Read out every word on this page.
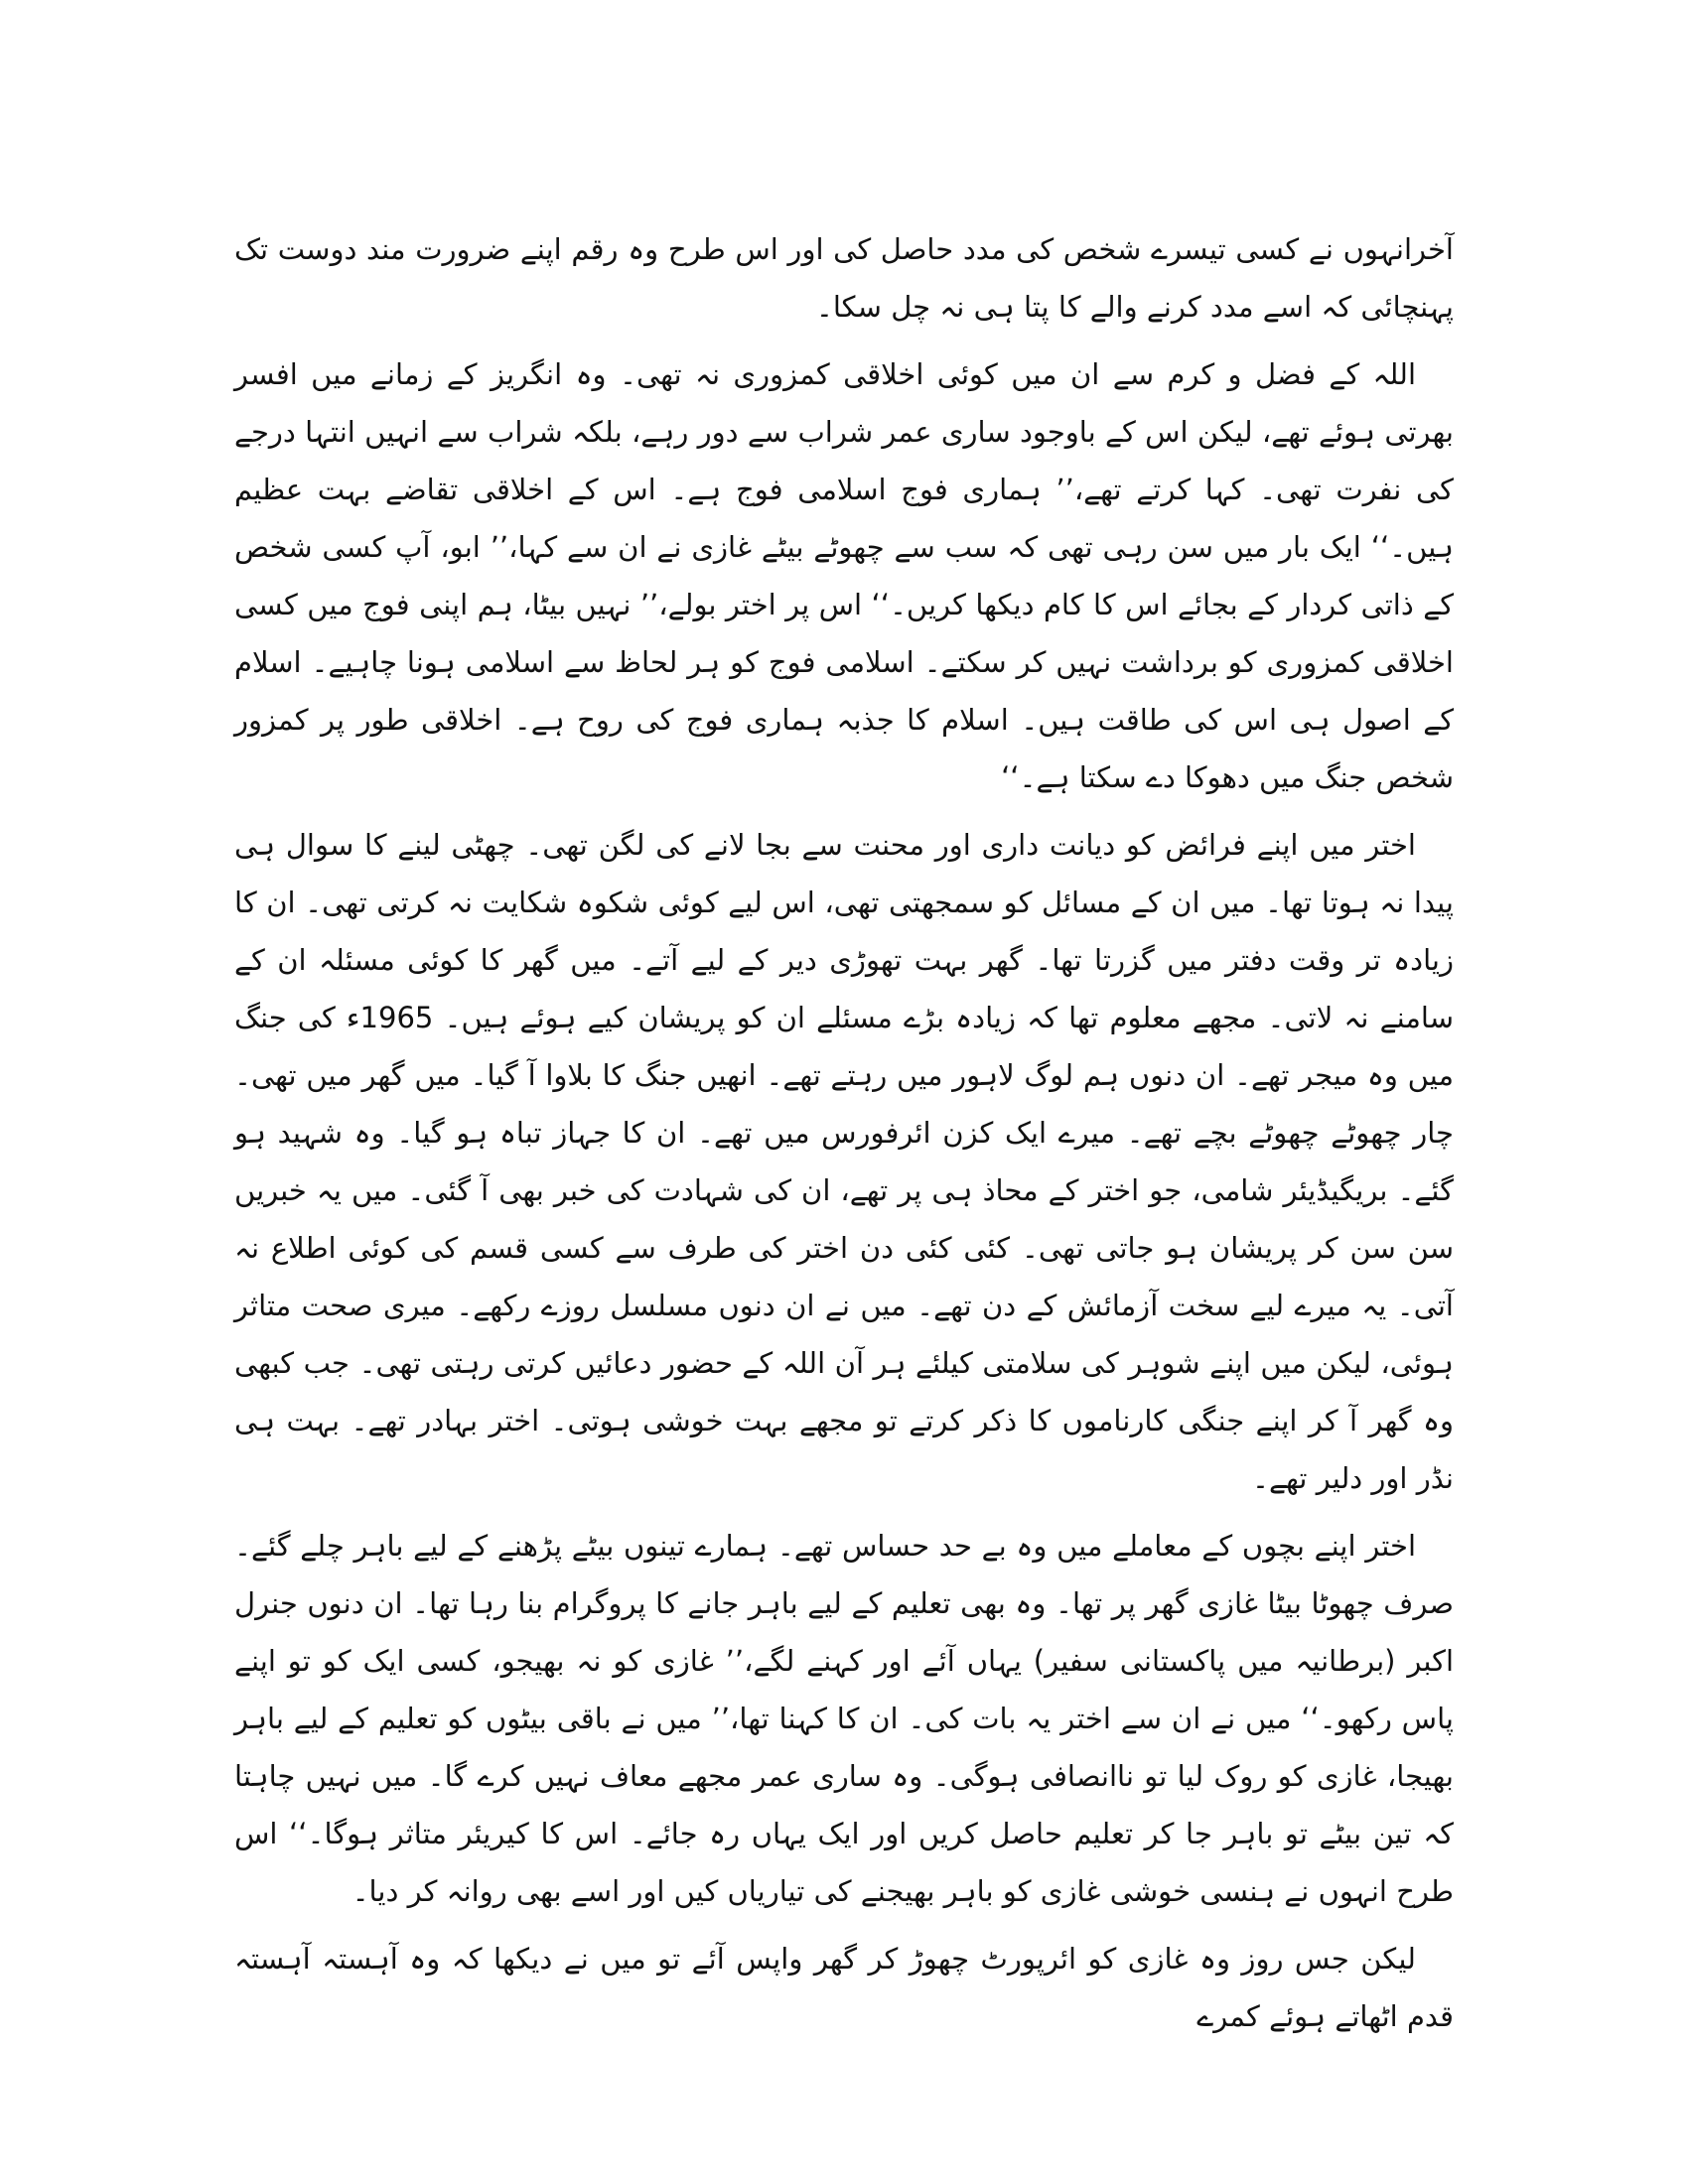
آخرانہوں نے کسی تیسرے شخص کی مدد حاصل کی اور اس طرح وہ رقم اپنے ضرورت مند دوست تک پہنچائی کہ اسے مدد کرنے والے کا پتا ہی نہ چل سکا۔

اللہ کے فضل و کرم سے ان میں کوئی اخلاقی کمزوری نہ تھی۔ وہ انگریز کے زمانے میں افسر بھرتی ہوئے تھے، لیکن اس کے باوجود ساری عمر شراب سے دور رہے، بلکہ شراب سے انہیں انتہا درجے کی نفرت تھی۔ کہا کرتے تھے،’’ ہماری فوج اسلامی فوج ہے۔ اس کے اخلاقی تقاضے بہت عظیم ہیں۔‘‘ ایک بار میں سن رہی تھی کہ سب سے چھوٹے بیٹے غازی نے ان سے کہا،’’ ابو، آپ کسی شخص کے ذاتی کردار کے بجائے اس کا کام دیکھا کریں۔‘‘ اس پر اختر بولے،’’ نہیں بیٹا، ہم اپنی فوج میں کسی اخلاقی کمزوری کو برداشت نہیں کر سکتے۔ اسلامی فوج کو ہر لحاظ سے اسلامی ہونا چاہیے۔ اسلام کے اصول ہی اس کی طاقت ہیں۔ اسلام کا جذبہ ہماری فوج کی روح ہے۔ اخلاقی طور پر کمزور شخص جنگ میں دھوکا دے سکتا ہے۔‘‘

اختر میں اپنے فرائض کو دیانت داری اور محنت سے بجا لانے کی لگن تھی۔ چھٹی لینے کا سوال ہی پیدا نہ ہوتا تھا۔ میں ان کے مسائل کو سمجھتی تھی، اس لیے کوئی شکوہ شکایت نہ کرتی تھی۔ ان کا زیادہ تر وقت دفتر میں گزرتا تھا۔ گھر بہت تھوڑی دیر کے لیے آتے۔ میں گھر کا کوئی مسئلہ ان کے سامنے نہ لاتی۔ مجھے معلوم تھا کہ زیادہ بڑے مسئلے ان کو پریشان کیے ہوئے ہیں۔ 1965ء کی جنگ میں وہ میجر تھے۔ ان دنوں ہم لوگ لاہور میں رہتے تھے۔ انھیں جنگ کا بلاوا آ گیا۔ میں گھر میں تھی۔ چار چھوٹے چھوٹے بچے تھے۔ میرے ایک کزن ائرفورس میں تھے۔ ان کا جہاز تباہ ہو گیا۔ وہ شہید ہو گئے۔ بریگیڈیئر شامی، جو اختر کے محاذ ہی پر تھے، ان کی شہادت کی خبر بھی آ گئی۔ میں یہ خبریں سن سن کر پریشان ہو جاتی تھی۔ کئی کئی دن اختر کی طرف سے کسی قسم کی کوئی اطلاع نہ آتی۔ یہ میرے لیے سخت آزمائش کے دن تھے۔ میں نے ان دنوں مسلسل روزے رکھے۔ میری صحت متاثر ہوئی، لیکن میں اپنے شوہر کی سلامتی کیلئے ہر آن اللہ کے حضور دعائیں کرتی رہتی تھی۔ جب کبھی وہ گھر آ کر اپنے جنگی کارناموں کا ذکر کرتے تو مجھے بہت خوشی ہوتی۔ اختر بہادر تھے۔ بہت ہی نڈر اور دلیر تھے۔

اختر اپنے بچوں کے معاملے میں وہ بے حد حساس تھے۔ ہمارے تینوں بیٹے پڑھنے کے لیے باہر چلے گئے۔ صرف چھوٹا بیٹا غازی گھر پر تھا۔ وہ بھی تعلیم کے لیے باہر جانے کا پروگرام بنا رہا تھا۔ ان دنوں جنرل اکبر (برطانیہ میں پاکستانی سفیر) یہاں آئے اور کہنے لگے،’’ غازی کو نہ بھیجو، کسی ایک کو تو اپنے پاس رکھو۔‘‘ میں نے ان سے اختر یہ بات کی۔ ان کا کہنا تھا،’’ میں نے باقی بیٹوں کو تعلیم کے لیے باہر بھیجا، غازی کو روک لیا تو ناانصافی ہوگی۔ وہ ساری عمر مجھے معاف نہیں کرے گا۔ میں نہیں چاہتا کہ تین بیٹے تو باہر جا کر تعلیم حاصل کریں اور ایک یہاں رہ جائے۔ اس کا کیریئر متاثر ہوگا۔‘‘ اس طرح انہوں نے ہنسی خوشی غازی کو باہر بھیجنے کی تیاریاں کیں اور اسے بھی روانہ کر دیا۔

لیکن جس روز وہ غازی کو ائرپورٹ چھوڑ کر گھر واپس آئے تو میں نے دیکھا کہ وہ آہستہ آہستہ قدم اٹھاتے ہوئے کمرے
